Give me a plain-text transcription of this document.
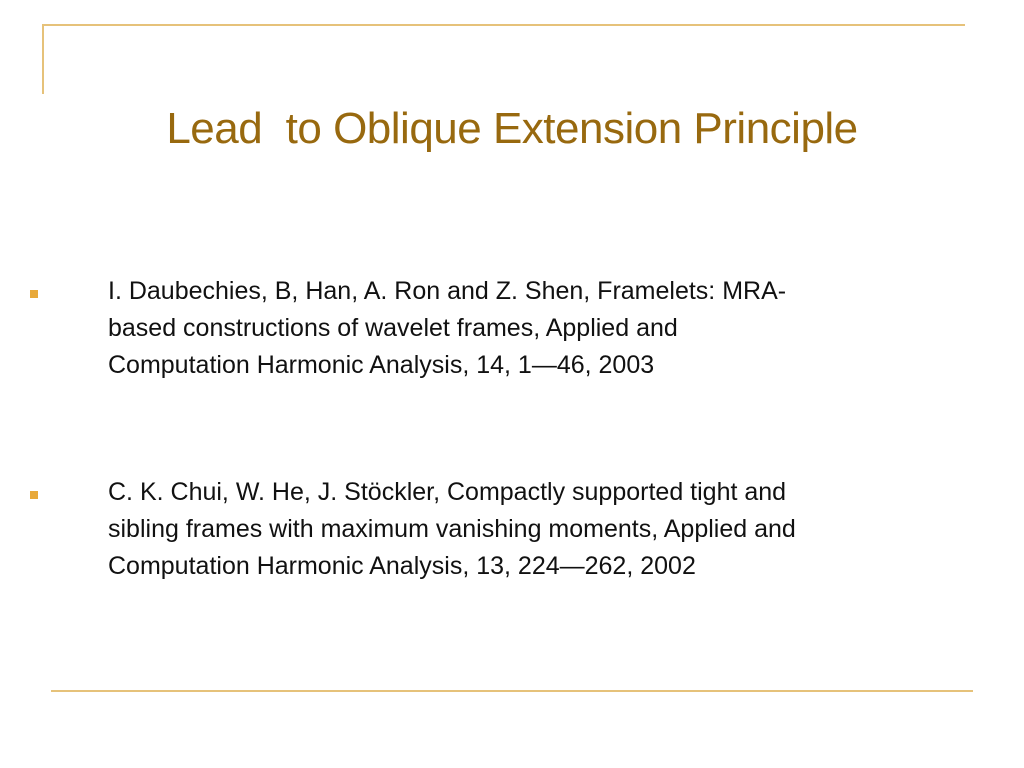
Lead  to Oblique Extension Principle
I. Daubechies, B, Han, A. Ron and Z. Shen, Framelets: MRA-
based constructions of wavelet frames, Applied and
Computation Harmonic Analysis, 14, 1—46, 2003
C. K. Chui, W. He, J. Stöckler, Compactly supported tight and
sibling frames with maximum vanishing moments, Applied and
Computation Harmonic Analysis, 13, 224—262, 2002
